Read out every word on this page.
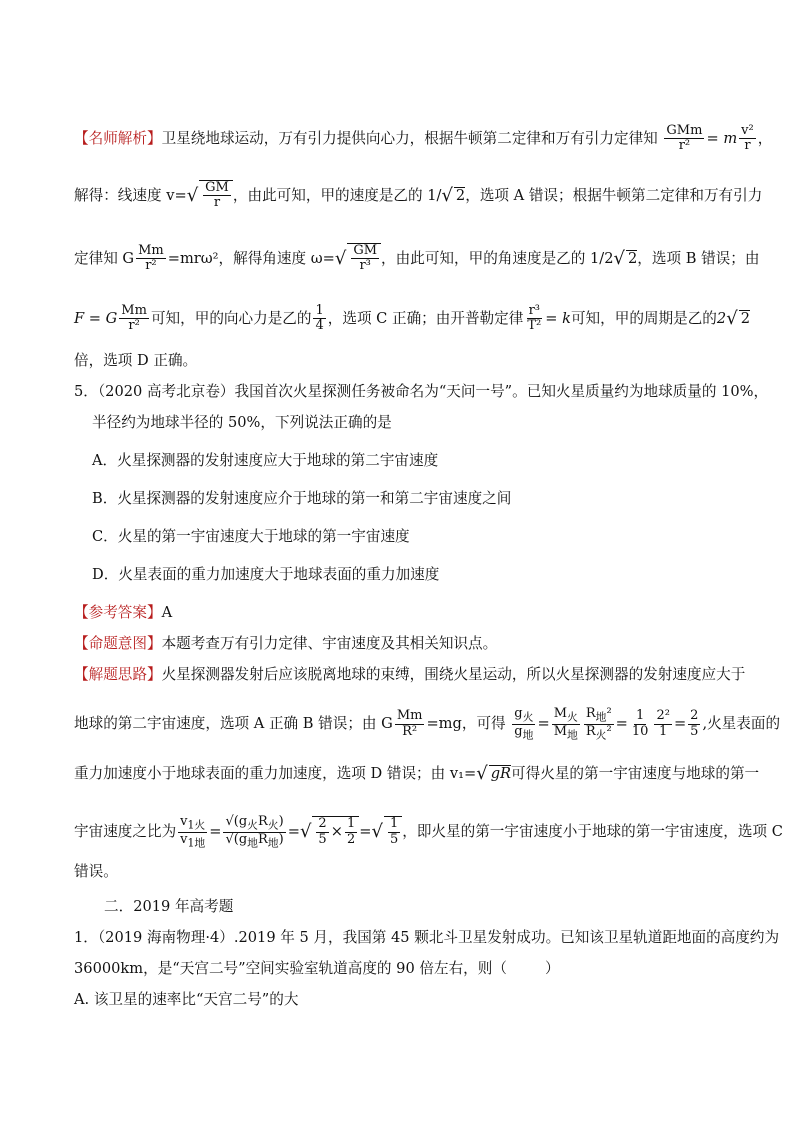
【名师解析】卫星绕地球运动，万有引力提供向心力，根据牛顿第二定律和万有引力定律知 $\frac{\text{GMm}}{\text{r²}} = m \frac{\text{v²}}{r}$ ，
解得：线速度 $v=√ \frac{GM}{r}$ ，由此可知，甲的速度是乙的 1/√ 2，选项 A 错误；根据牛顿第二定律和万有引力
定律知 G $\frac{Mm}{\text{r²}} =mr\omega^2$，解得角速度 $\omega=√ \frac{GM}{\text{r³}}$ ，由此可知，甲的角速度是乙的 1/2√ 2，选项 B 错误；由
F = G $\frac{Mm}{\text{r²}}$ 可知，甲的向心力是乙的 $\frac{1}{4}$ ，选项 C 正确；由开普勒定律 $\frac{\text{r³}}{\text{T²}} = k$可知，甲的周期是乙的2√ 2
倍，选项 D 正确。
5．（2020 高考北京卷）我国首次火星探测任务被命名为“天问一号”。已知火星质量约为地球质量的 10%，
半径约为地球半径的 50%，下列说法正确的是
A．火星探测器的发射速度应大于地球的第二宇宙速度
B．火星探测器的发射速度应介于地球的第一和第二宇宙速度之间
C．火星的第一宇宙速度大于地球的第一宇宙速度
D．火星表面的重力加速度大于地球表面的重力加速度
【参考答案】A
【命题意图】本题考查万有引力定律、宇宙速度及其相关知识点。
【解题思路】火星探测器发射后应该脱离地球的束缚，围绕火星运动，所以火星探测器的发射速度应大于
地球的第二宇宙速度，选项 A 正确 B 错误；由 G $\frac{Mm}{\text{R²}} =mg$，可得 $\frac{g_火}{g_地} = \frac{M_火}{M_地} \frac{R_地^2}{R_火^2} = \frac{1}{10} \frac{\text{2²}}{1} = \frac{2}{5}$ ,火星表面的
重力加速度小于地球表面的重力加速度，选项 D 错误；由 v₁=√ gR可得火星的第一宇宙速度与地球的第一
宇宙速度之比为 $\frac{v_{1火}}{v_{1地}} = \frac{√(g_火R_火)}{√(g_地R_地)}$ =√ $\frac{2}{5} \times \frac{1}{2}$ =√ $\frac{1}{5}$ ，即火星的第一宇宙速度小于地球的第一宇宙速度，选项 C
错误。
二．2019 年高考题
1．（2019 海南物理·4）.2019 年 5 月，我国第 45 颗北斗卫星发射成功。已知该卫星轨道距地面的高度约为
36000km，是“天宫二号”空间实验室轨道高度的 90 倍左右，则（	）
A. 该卫星的速率比“天宫二号”的大
